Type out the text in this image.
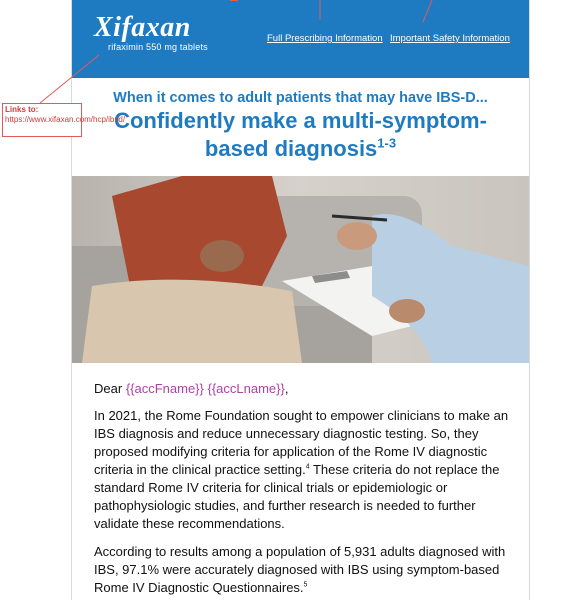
Xifaxan
rifaximin 550 mg tablets
Full Prescribing Information Important Safety Information
When it comes to adult patients that may have IBS-D...
Confidently make a multi-symptom-based diagnosis$^{1-3}$

Dear {{accFname}} {{accLname}},

In 2021, the Rome Foundation sought to empower clinicians to make an IBS diagnosis and reduce unnecessary diagnostic testing. So, they proposed modifying criteria for application of the Rome IV diagnostic criteria in the clinical practice setting.$^4$ These criteria do not replace the standard Rome IV criteria for clinical trials or epidemiologic or pathophysiologic studies, and further research is needed to further validate these recommendations.

According to results among a population of 5,931 adults diagnosed with IBS, 97.1% were accurately diagnosed with IBS using symptom-based Rome IV Diagnostic Questionnaires.$^5$

Links to: https://www.xifaxan.com/hcp/ibsd/
